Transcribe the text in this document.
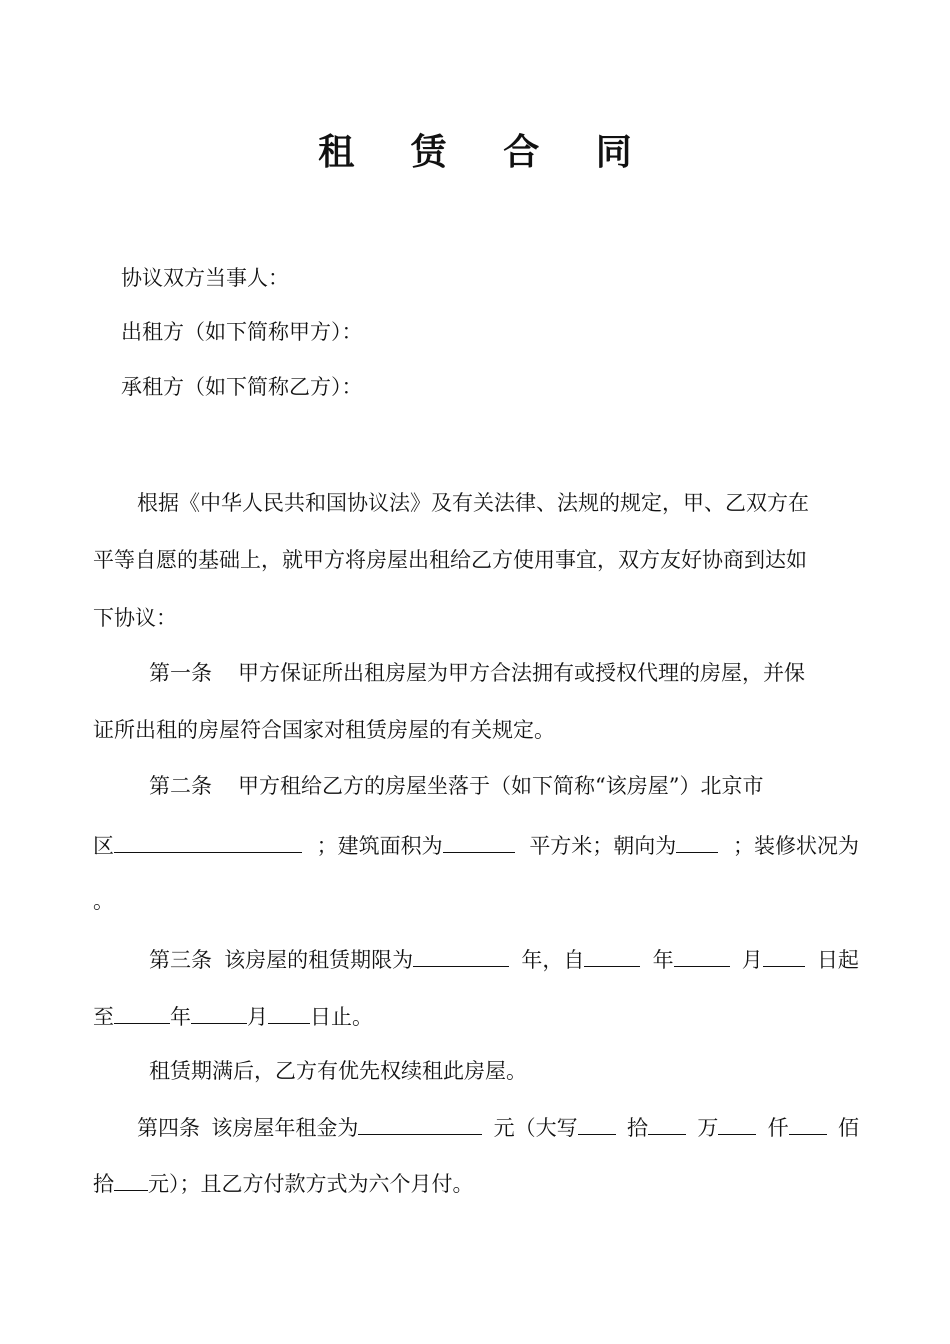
租 赁 合 同
协议双方当事人：
出租方（如下简称甲方）：
承租方（如下简称乙方）：
根据《中华人民共和国协议法》及有关法律、法规的规定，甲、乙双方在
平等自愿的基础上，就甲方将房屋出租给乙方使用事宜，双方友好协商到达如
下协议：
第一条 甲方保证所出租房屋为甲方合法拥有或授权代理的房屋，并保
证所出租的房屋符合国家对租赁房屋的有关规定。
第二条 甲方租给乙方的房屋坐落于（如下简称“该房屋”）北京市
区	；建筑面积为	平方米；朝向为	；装修状况为
。
第三条 该房屋的租赁期限为	年，自	年	月	日起
至	年	月 日止。
租赁期满后，乙方有优先权续租此房屋。
第四条 该房屋年租金为	元（大写	拾	万	仟	佰
拾 元）；且乙方付款方式为六个月付。
